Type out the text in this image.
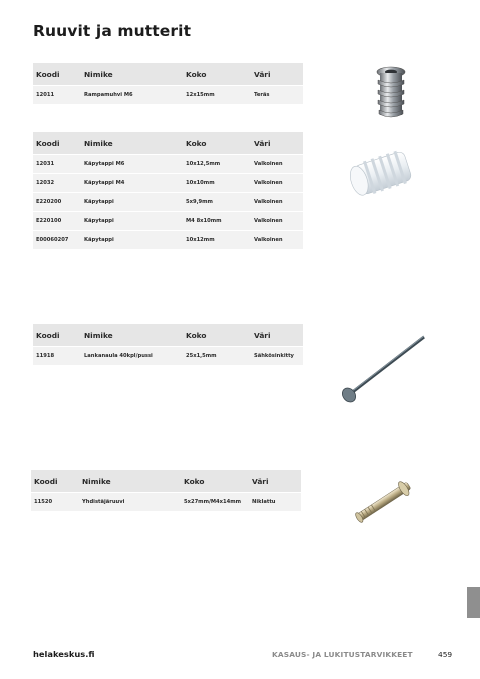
Ruuvit ja mutterit
Koodi	Nimike	Koko	Väri
12011	Rampamuhvi M6	12x15mm	Teräs
Koodi	Nimike	Koko	Väri
12031	Käpytappi M6	10x12,5mm	Valkoinen
12032	Käpytappi M4	10x10mm	Valkoinen
E220200	Käpytappi	5x9,9mm	Valkoinen
E220100	Käpytappi	M4 8x10mm	Valkoinen
E00060207	Käpytappi	10x12mm	Valkoinen
Koodi	Nimike	Koko	Väri
11918	Lankanaula 40kpl/pussi	25x1,5mm	Sähkösinkitty
Koodi	Nimike	Koko	Väri
11520	Yhdistäjäruuvi	5x27mm/M4x14mm	Niklattu
helakeskus.fi	KASAUS- JA LUKITUSTARVIKKEET	459
